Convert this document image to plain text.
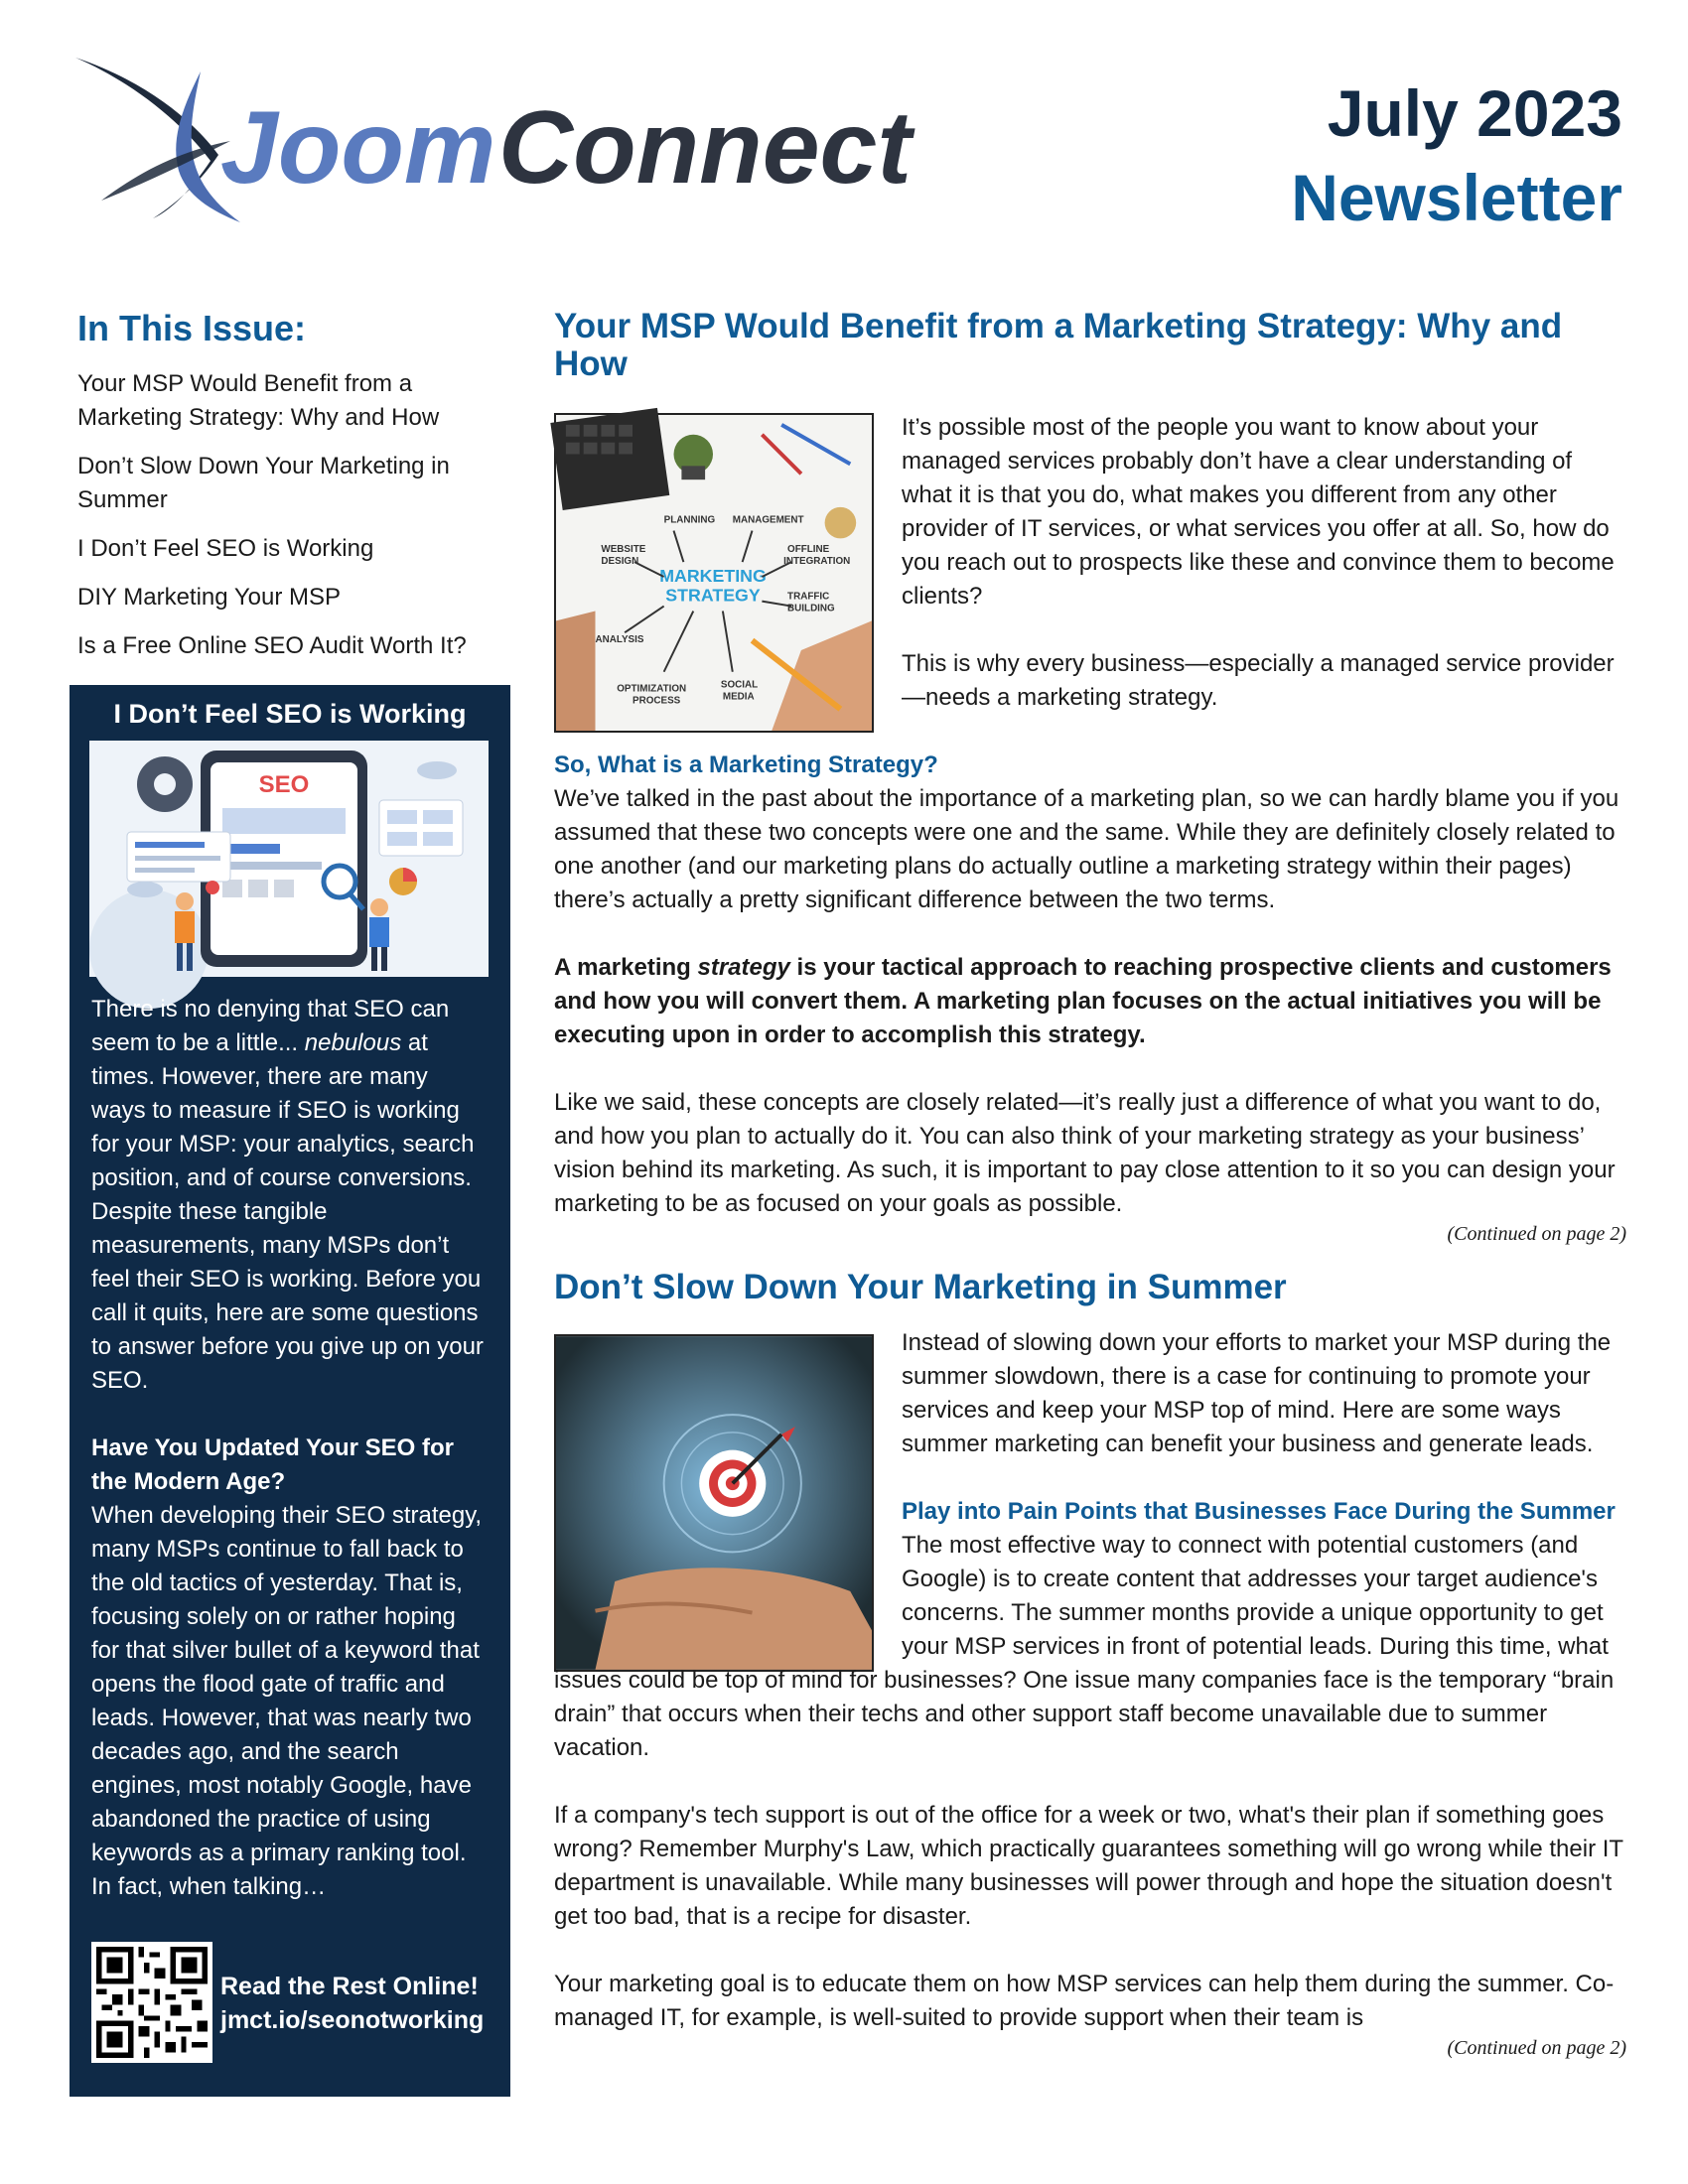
Joom Connect	July 2023
Newsletter
In This Issue:
Your MSP Would Benefit from a Marketing Strategy: Why and How
Don’t Slow Down Your Marketing in Summer
I Don’t Feel SEO is Working
DIY Marketing Your MSP
Is a Free Online SEO Audit Worth It?
I Don’t Feel SEO is Working
SEO

There is no denying that SEO can seem to be a little... nebulous at times. However, there are many ways to measure if SEO is working for your MSP: your analytics, search position, and of course conversions. Despite these tangible measurements, many MSPs don’t feel their SEO is working. Before you call it quits, here are some questions to answer before you give up on your SEO.

Have You Updated Your SEO for the Modern Age?

When developing their SEO strategy, many MSPs continue to fall back to the old tactics of yesterday. That is, focusing solely on or rather hoping for that silver bullet of a keyword that opens the flood gate of traffic and leads. However, that was nearly two decades ago, and the search engines, most notably Google, have abandoned the practice of using keywords as a primary ranking tool. In fact, when talking…

Read the Rest Online!
jmct.io/seonotworking
Your MSP Would Benefit from a Marketing Strategy: Why and How
PLANNING MANAGEMENT
WEBSITE
DESIGN
OFFLINE
INTEGRATION
TRAFFIC
BUILDING
ANALYSIS
OPTIMIZATION
PROCESS
SOCIAL
MEDIA
MARKETING
STRATEGY

It’s possible most of the people you want to know about your managed services probably don’t have a clear understanding of what it is that you do, what makes you different from any other provider of IT services, or what services you offer at all. So, how do you reach out to prospects like these and convince them to become clients?

This is why every business—especially a managed service provider—needs a marketing strategy.

So, What is a Marketing Strategy?

We’ve talked in the past about the importance of a marketing plan, so we can hardly blame you if you assumed that these two concepts were one and the same. While they are definitely closely related to one another (and our marketing plans do actually outline a marketing strategy within their pages) there’s actually a pretty significant difference between the two terms.

A marketing strategy is your tactical approach to reaching prospective clients and customers and how you will convert them. A marketing plan focuses on the actual initiatives you will be executing upon in order to accomplish this strategy.

Like we said, these concepts are closely related—it’s really just a difference of what you want to do, and how you plan to actually do it. You can also think of your marketing strategy as your business’ vision behind its marketing. As such, it is important to pay close attention to it so you can design your marketing to be as focused on your goals as possible.

(Continued on page 2)
Don’t Slow Down Your Marketing in Summer

Instead of slowing down your efforts to market your MSP during the summer slowdown, there is a case for continuing to promote your services and keep your MSP top of mind. Here are some ways summer marketing can benefit your business and generate leads.

Play into Pain Points that Businesses Face During the Summer

The most effective way to connect with potential customers (and Google) is to create content that addresses your target audience's concerns. The summer months provide a unique opportunity to get your MSP services in front of potential leads. During this time, what issues could be top of mind for businesses? One issue many companies face is the temporary “brain drain” that occurs when their techs and other support staff become unavailable due to summer vacation.

If a company's tech support is out of the office for a week or two, what's their plan if something goes wrong? Remember Murphy's Law, which practically guarantees something will go wrong while their IT department is unavailable. While many businesses will power through and hope the situation doesn't get too bad, that is a recipe for disaster.

Your marketing goal is to educate them on how MSP services can help them during the summer. Co-managed IT, for example, is well-suited to provide support when their team is

(Continued on page 2)
